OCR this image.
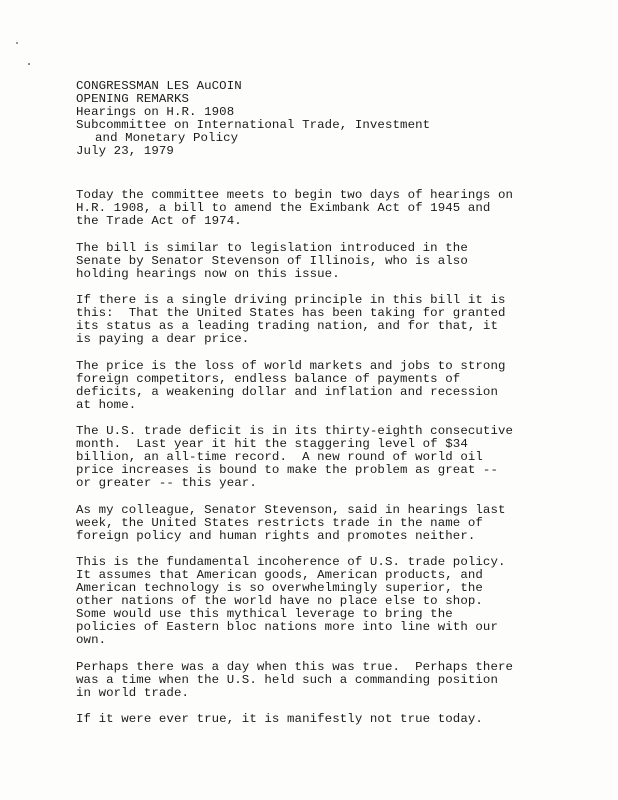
CONGRESSMAN LES AuCOIN
OPENING REMARKS
Hearings on H.R. 1908
Subcommittee on International Trade, Investment
and Monetary Policy
July 23, 1979

Today the committee meets to begin two days of hearings on
H.R. 1908, a bill to amend the Eximbank Act of 1945 and
the Trade Act of 1974.

The bill is similar to legislation introduced in the
Senate by Senator Stevenson of Illinois, who is also
holding hearings now on this issue.

If there is a single driving principle in this bill it is
this:  That the United States has been taking for granted
its status as a leading trading nation, and for that, it
is paying a dear price.

The price is the loss of world markets and jobs to strong
foreign competitors, endless balance of payments of
deficits, a weakening dollar and inflation and recession
at home.

The U.S. trade deficit is in its thirty-eighth consecutive
month.  Last year it hit the staggering level of $34
billion, an all-time record.  A new round of world oil
price increases is bound to make the problem as great --
or greater -- this year.

As my colleague, Senator Stevenson, said in hearings last
week, the United States restricts trade in the name of
foreign policy and human rights and promotes neither.

This is the fundamental incoherence of U.S. trade policy.
It assumes that American goods, American products, and
American technology is so overwhelmingly superior, the
other nations of the world have no place else to shop.
Some would use this mythical leverage to bring the
policies of Eastern bloc nations more into line with our
own.

Perhaps there was a day when this was true.  Perhaps there
was a time when the U.S. held such a commanding position
in world trade.

If it were ever true, it is manifestly not true today.
